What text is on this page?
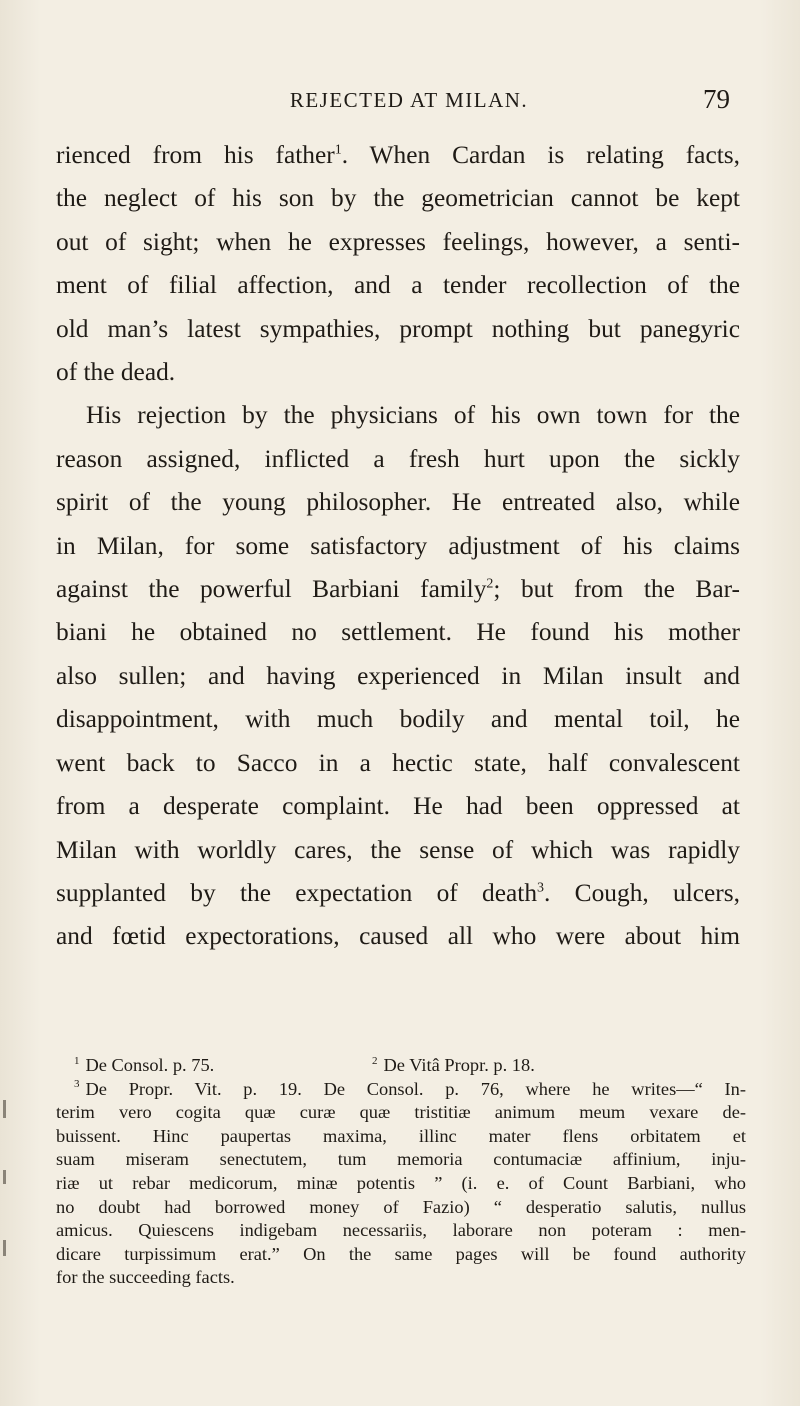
REJECTED AT MILAN.	79

rienced from his father$^1$. When Cardan is relating facts,
the neglect of his son by the geometrician cannot be kept
out of sight; when he expresses feelings, however, a senti-
ment of filial affection, and a tender recollection of the
old man’s latest sympathies, prompt nothing but panegyric
of the dead.

His rejection by the physicians of his own town for the
reason assigned, inflicted a fresh hurt upon the sickly
spirit of the young philosopher. He entreated also, while
in Milan, for some satisfactory adjustment of his claims
against the powerful Barbiani family$^2$; but from the Bar-
biani he obtained no settlement. He found his mother
also sullen; and having experienced in Milan insult and
disappointment, with much bodily and mental toil, he
went back to Sacco in a hectic state, half convalescent
from a desperate complaint. He had been oppressed at
Milan with worldly cares, the sense of which was rapidly
supplanted by the expectation of death$^3$. Cough, ulcers,
and fœtid expectorations, caused all who were about him

$^1$ De Consol. p. 75.	$^2$ De Vitâ Propr. p. 18.
$^3$ De Propr. Vit. p. 19. De Consol. p. 76, where he writes—“ In-
terim vero cogita quæ curæ quæ tristitiæ animum meum vexare de-
buissent. Hinc paupertas maxima, illinc mater flens orbitatem et
suam miseram senectutem, tum memoria contumaciæ affinium, inju-
riæ ut rebar medicorum, minæ potentis ” (i. e. of Count Barbiani, who
no doubt had borrowed money of Fazio) “ desperatio salutis, nullus
amicus. Quiescens indigebam necessariis, laborare non poteram : men-
dicare turpissimum erat.” On the same pages will be found authority
for the succeeding facts.
